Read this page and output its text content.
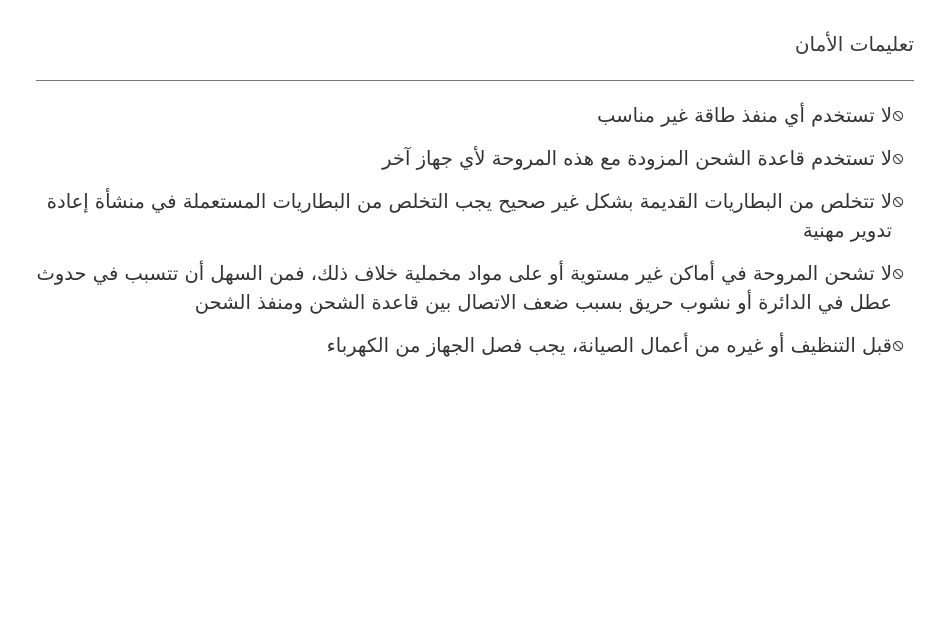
تعليمات الأمان
لا تستخدم أي منفذ طاقة غير مناسب
لا تستخدم قاعدة الشحن المزودة مع هذه المروحة لأي جهاز آخر
لا تتخلص من البطاريات القديمة بشكل غير صحيح يجب التخلص من البطاريات المستعملة في منشأة إعادة تدوير مهنية
لا تشحن المروحة في أماكن غير مستوية أو على مواد مخملية خلاف ذلك، فمن السهل أن تتسبب في حدوث عطل في الدائرة أو نشوب حريق بسبب ضعف الاتصال بين قاعدة الشحن ومنفذ الشحن
قبل التنظيف أو غيره من أعمال الصيانة، يجب فصل الجهاز من الكهرباء
